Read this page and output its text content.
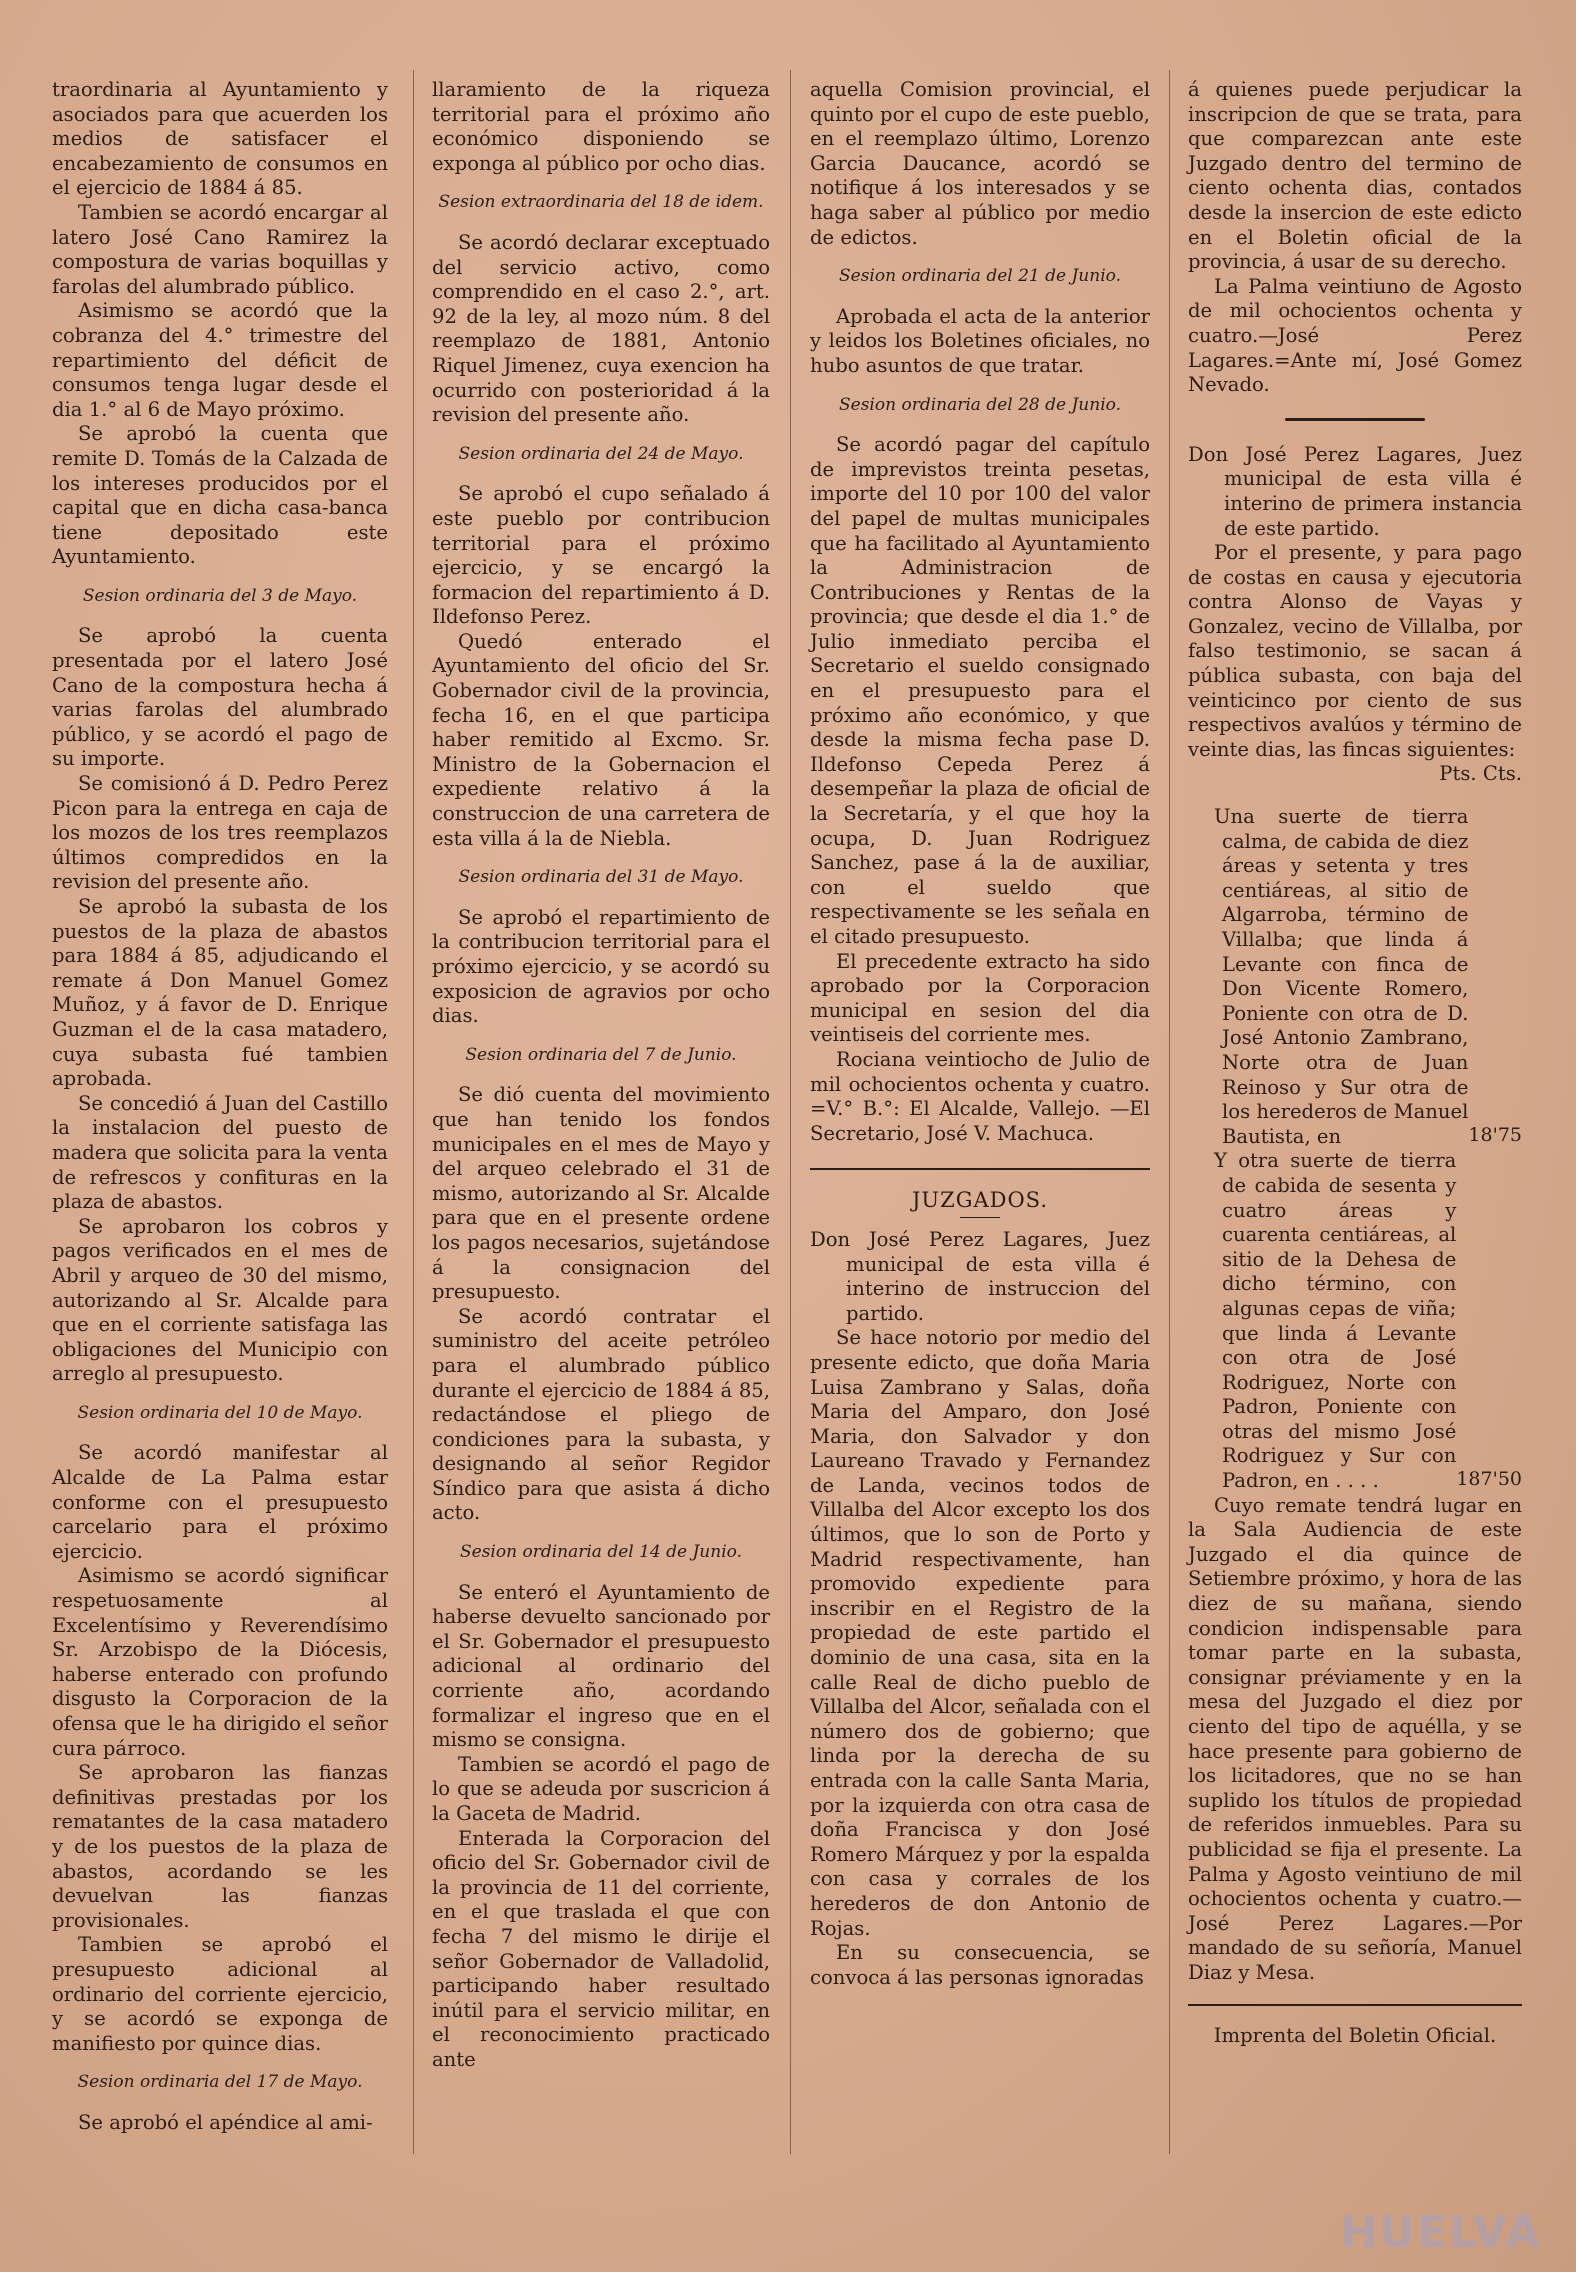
traordinaria al Ayuntamiento y asociados para que acuerden los medios de satisfacer el encabezamiento de consumos en el ejercicio de 1884 á 85.

Tambien se acordó encargar al latero José Cano Ramirez la compostura de varias boquillas y farolas del alumbrado público.

Asimismo se acordó que la cobranza del 4.° trimestre del repartimiento del déficit de consumos tenga lugar desde el dia 1.° al 6 de Mayo próximo.

Se aprobó la cuenta que remite D. Tomás de la Calzada de los intereses producidos por el capital que en dicha casa-banca tiene depositado este Ayuntamiento.

Sesion ordinaria del 3 de Mayo.

Se aprobó la cuenta presentada por el latero José Cano de la compostura hecha á varias farolas del alumbrado público, y se acordó el pago de su importe.

Se comisionó á D. Pedro Perez Picon para la entrega en caja de los mozos de los tres reemplazos últimos compredidos en la revision del presente año.

Se aprobó la subasta de los puestos de la plaza de abastos para 1884 á 85, adjudicando el remate á Don Manuel Gomez Muñoz, y á favor de D. Enrique Guzman el de la casa matadero, cuya subasta fué tambien aprobada.

Se concedió á Juan del Castillo la instalacion del puesto de madera que solicita para la venta de refrescos y confituras en la plaza de abastos.

Se aprobaron los cobros y pagos verificados en el mes de Abril y arqueo de 30 del mismo, autorizando al Sr. Alcalde para que en el corriente satisfaga las obligaciones del Municipio con arreglo al presupuesto.

Sesion ordinaria del 10 de Mayo.

Se acordó manifestar al Alcalde de La Palma estar conforme con el presupuesto carcelario para el próximo ejercicio.

Asimismo se acordó significar respetuosamente al Excelentísimo y Reverendísimo Sr. Arzobispo de la Diócesis, haberse enterado con profundo disgusto la Corporacion de la ofensa que le ha dirigido el señor cura párroco.

Se aprobaron las fianzas definitivas prestadas por los rematantes de la casa matadero y de los puestos de la plaza de abastos, acordando se les devuelvan las fianzas provisionales.

Tambien se aprobó el presupuesto adicional al ordinario del corriente ejercicio, y se acordó se exponga de manifiesto por quince dias.

Sesion ordinaria del 17 de Mayo.

Se aprobó el apéndice al ami-

llaramiento de la riqueza territorial para el próximo año económico disponiendo se exponga al público por ocho dias.

Sesion extraordinaria del 18 de idem.

Se acordó declarar exceptuado del servicio activo, como comprendido en el caso 2.°, art. 92 de la ley, al mozo núm. 8 del reemplazo de 1881, Antonio Riquel Jimenez, cuya exencion ha ocurrido con posterioridad á la revision del presente año.

Sesion ordinaria del 24 de Mayo.

Se aprobó el cupo señalado á este pueblo por contribucion territorial para el próximo ejercicio, y se encargó la formacion del repartimiento á D. Ildefonso Perez.

Quedó enterado el Ayuntamiento del oficio del Sr. Gobernador civil de la provincia, fecha 16, en el que participa haber remitido al Excmo. Sr. Ministro de la Gobernacion el expediente relativo á la construccion de una carretera de esta villa á la de Niebla.

Sesion ordinaria del 31 de Mayo.

Se aprobó el repartimiento de la contribucion territorial para el próximo ejercicio, y se acordó su exposicion de agravios por ocho dias.

Sesion ordinaria del 7 de Junio.

Se dió cuenta del movimiento que han tenido los fondos municipales en el mes de Mayo y del arqueo celebrado el 31 de mismo, autorizando al Sr. Alcalde para que en el presente ordene los pagos necesarios, sujetándose á la consignacion del presupuesto.

Se acordó contratar el suministro del aceite petróleo para el alumbrado público durante el ejercicio de 1884 á 85, redactándose el pliego de condiciones para la subasta, y designando al señor Regidor Síndico para que asista á dicho acto.

Sesion ordinaria del 14 de Junio.

Se enteró el Ayuntamiento de haberse devuelto sancionado por el Sr. Gobernador el presupuesto adicional al ordinario del corriente año, acordando formalizar el ingreso que en el mismo se consigna.

Tambien se acordó el pago de lo que se adeuda por suscricion á la Gaceta de Madrid.

Enterada la Corporacion del oficio del Sr. Gobernador civil de la provincia de 11 del corriente, en el que traslada el que con fecha 7 del mismo le dirije el señor Gobernador de Valladolid, participando haber resultado inútil para el servicio militar, en el reconocimiento practicado ante

aquella Comision provincial, el quinto por el cupo de este pueblo, en el reemplazo último, Lorenzo Garcia Daucance, acordó se notifique á los interesados y se haga saber al público por medio de edictos.

Sesion ordinaria del 21 de Junio.

Aprobada el acta de la anterior y leidos los Boletines oficiales, no hubo asuntos de que tratar.

Sesion ordinaria del 28 de Junio.

Se acordó pagar del capítulo de imprevistos treinta pesetas, importe del 10 por 100 del valor del papel de multas municipales que ha facilitado al Ayuntamiento la Administracion de Contribuciones y Rentas de la provincia; que desde el dia 1.° de Julio inmediato perciba el Secretario el sueldo consignado en el presupuesto para el próximo año económico, y que desde la misma fecha pase D. Ildefonso Cepeda Perez á desempeñar la plaza de oficial de la Secretaría, y el que hoy la ocupa, D. Juan Rodriguez Sanchez, pase á la de auxiliar, con el sueldo que respectivamente se les señala en el citado presupuesto.

El precedente extracto ha sido aprobado por la Corporacion municipal en sesion del dia veintiseis del corriente mes.

Rociana veintiocho de Julio de mil ochocientos ochenta y cuatro. =V.° B.°: El Alcalde, Vallejo. —El Secretario, José V. Machuca.

JUZGADOS.

Don José Perez Lagares, Juez municipal de esta villa é interino de instruccion del partido.

Se hace notorio por medio del presente edicto, que doña Maria Luisa Zambrano y Salas, doña Maria del Amparo, don José Maria, don Salvador y don Laureano Travado y Fernandez de Landa, vecinos todos de Villalba del Alcor excepto los dos últimos, que lo son de Porto y Madrid respectivamente, han promovido expediente para inscribir en el Registro de la propiedad de este partido el dominio de una casa, sita en la calle Real de dicho pueblo de Villalba del Alcor, señalada con el número dos de gobierno; que linda por la derecha de su entrada con la calle Santa Maria, por la izquierda con otra casa de doña Francisca y don José Romero Márquez y por la espalda con casa y corrales de los herederos de don Antonio de Rojas.

En su consecuencia, se convoca á las personas ignoradas

á quienes puede perjudicar la inscripcion de que se trata, para que comparezcan ante este Juzgado dentro del termino de ciento ochenta dias, contados desde la insercion de este edicto en el Boletin oficial de la provincia, á usar de su derecho.

La Palma veintiuno de Agosto de mil ochocientos ochenta y cuatro.—José Perez Lagares.=Ante mí, José Gomez Nevado.

Don José Perez Lagares, Juez municipal de esta villa é interino de primera instancia de este partido.

Por el presente, y para pago de costas en causa y ejecutoria contra Alonso de Vayas y Gonzalez, vecino de Villalba, por falso testimonio, se sacan á pública subasta, con baja del veinticinco por ciento de sus respectivos avalúos y término de veinte dias, las fincas siguientes:

Pts. Cts.

Una suerte de tierra calma, de cabida de diez áreas y setenta y tres centiáreas, al sitio de Algarroba, término de Villalba; que linda á Levante con finca de Don Vicente Romero, Poniente con otra de D. José Antonio Zambrano, Norte otra de Juan Reinoso y Sur otra de los herederos de Manuel Bautista, en	18'75
Y otra suerte de tierra de cabida de sesenta y cuatro áreas y cuarenta centiáreas, al sitio de la Dehesa de dicho término, con algunas cepas de viña; que linda á Levante con otra de José Rodriguez, Norte con Padron, Poniente con otras del mismo José Rodriguez y Sur con Padron, en . . . .	187'50

Cuyo remate tendrá lugar en la Sala Audiencia de este Juzgado el dia quince de Setiembre próximo, y hora de las diez de su mañana, siendo condicion indispensable para tomar parte en la subasta, consignar préviamente y en la mesa del Juzgado el diez por ciento del tipo de aquélla, y se hace presente para gobierno de los licitadores, que no se han suplido los títulos de propiedad de referidos inmuebles. Para su publicidad se fija el presente. La Palma y Agosto veintiuno de mil ochocientos ochenta y cuatro.—José Perez Lagares.—Por mandado de su señoría, Manuel Diaz y Mesa.

Imprenta del Boletin Oficial.

HUELVA
